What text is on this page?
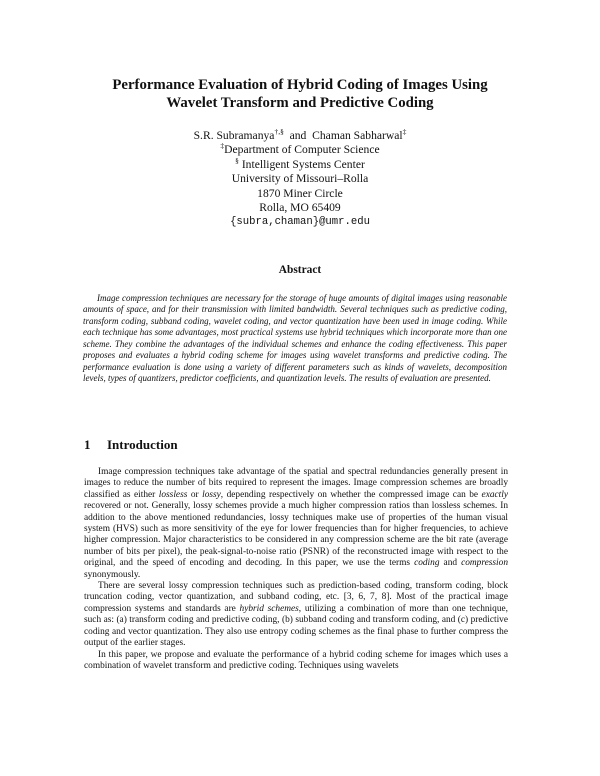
Performance Evaluation of Hybrid Coding of Images Using
Wavelet Transform and Predictive Coding
S.R. Subramanya†,§  and  Chaman Sabharwal‡
‡Department of Computer Science
§ Intelligent Systems Center
University of Missouri–Rolla
1870 Miner Circle
Rolla, MO 65409
{subra,chaman}@umr.edu
Abstract
Image compression techniques are necessary for the storage of huge amounts of digital images using reasonable amounts of space, and for their transmission with limited bandwidth. Several techniques such as predictive coding, transform coding, subband coding, wavelet coding, and vector quantization have been used in image coding. While each technique has some advantages, most practical systems use hybrid techniques which incorporate more than one scheme. They combine the advantages of the individual schemes and enhance the coding effectiveness. This paper proposes and evaluates a hybrid coding scheme for images using wavelet transforms and predictive coding. The performance evaluation is done using a variety of different parameters such as kinds of wavelets, decomposition levels, types of quantizers, predictor coefficients, and quantization levels. The results of evaluation are presented.
1 Introduction

Image compression techniques take advantage of the spatial and spectral redundancies generally present in images to reduce the number of bits required to represent the images. Image compression schemes are broadly classified as either lossless or lossy, depending respectively on whether the compressed image can be exactly recovered or not. Generally, lossy schemes provide a much higher compression ratios than lossless schemes. In addition to the above mentioned redundancies, lossy techniques make use of properties of the human visual system (HVS) such as more sensitivity of the eye for lower frequencies than for higher frequencies, to achieve higher compression. Major characteristics to be considered in any compression scheme are the bit rate (average number of bits per pixel), the peak-signal-to-noise ratio (PSNR) of the reconstructed image with respect to the original, and the speed of encoding and decoding. In this paper, we use the terms coding and compression synonymously.

There are several lossy compression techniques such as prediction-based coding, transform coding, block truncation coding, vector quantization, and subband coding, etc. [3, 6, 7, 8]. Most of the practical image compression systems and standards are hybrid schemes, utilizing a combination of more than one technique, such as: (a) transform coding and predictive coding, (b) subband coding and transform coding, and (c) predictive coding and vector quantization. They also use entropy coding schemes as the final phase to further compress the output of the earlier stages.

In this paper, we propose and evaluate the performance of a hybrid coding scheme for images which uses a combination of wavelet transform and predictive coding. Techniques using wavelets
